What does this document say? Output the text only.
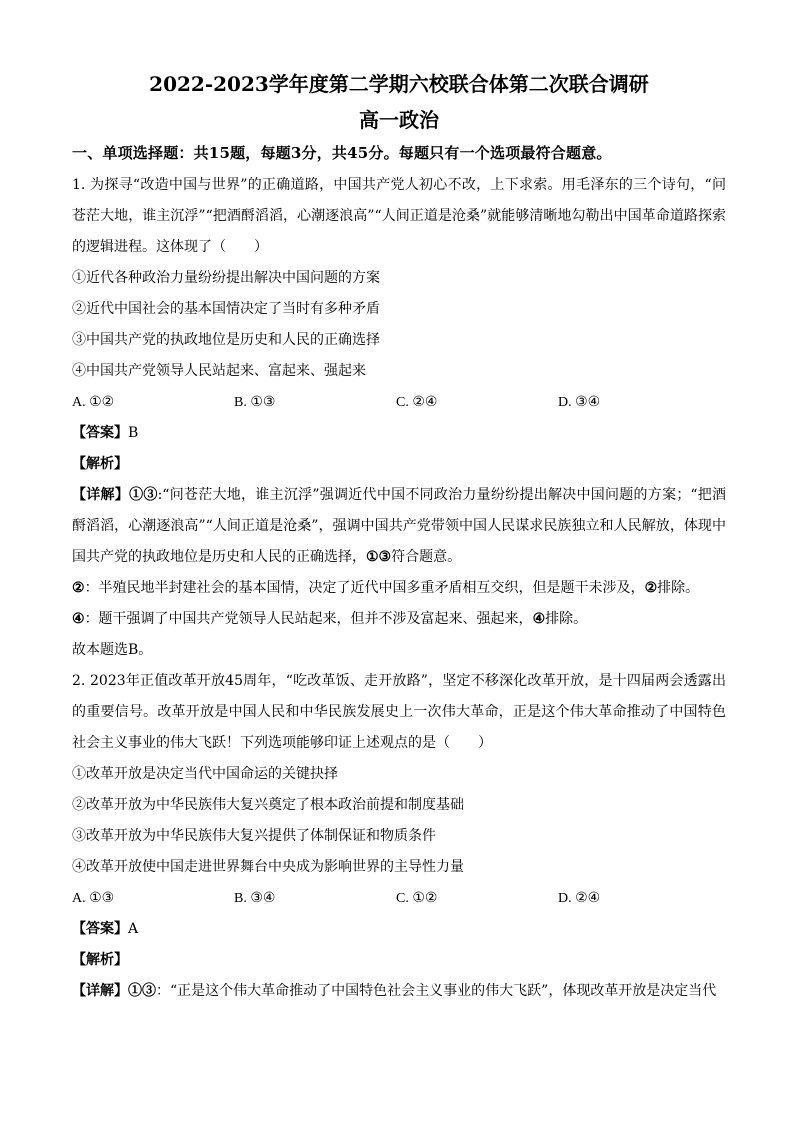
2022-2023学年度第二学期六校联合体第二次联合调研
高一政治

一、单项选择题：共15题，每题3分，共45分。每题只有一个选项最符合题意。

1. 为探寻“改造中国与世界”的正确道路，中国共产党人初心不改，上下求索。用毛泽东的三个诗句，“问苍茫大地，谁主沉浮”“把酒酹滔滔，心潮逐浪高”“人间正道是沧桑”就能够清晰地勾勒出中国革命道路探索的逻辑进程。这体现了（　　）

①近代各种政治力量纷纷提出解决中国问题的方案

②近代中国社会的基本国情决定了当时有多种矛盾

③中国共产党的执政地位是历史和人民的正确选择

④中国共产党领导人民站起来、富起来、强起来

A. ①②	B. ①③	C. ②④	D. ③④

【答案】B

【解析】

【详解】①③:“问苍茫大地，谁主沉浮”强调近代中国不同政治力量纷纷提出解决中国问题的方案；“把酒酹滔滔，心潮逐浪高”“人间正道是沧桑”，强调中国共产党带领中国人民谋求民族独立和人民解放，体现中国共产党的执政地位是历史和人民的正确选择，①③符合题意。

②：半殖民地半封建社会的基本国情，决定了近代中国多重矛盾相互交织，但是题干未涉及，②排除。

④：题干强调了中国共产党领导人民站起来，但并不涉及富起来、强起来，④排除。

故本题选B。

2. 2023年正值改革开放45周年，“吃改革饭、走开放路”，坚定不移深化改革开放，是十四届两会透露出的重要信号。改革开放是中国人民和中华民族发展史上一次伟大革命，正是这个伟大革命推动了中国特色社会主义事业的伟大飞跃！下列选项能够印证上述观点的是（　　）

①改革开放是决定当代中国命运的关键抉择

②改革开放为中华民族伟大复兴奠定了根本政治前提和制度基础

③改革开放为中华民族伟大复兴提供了体制保证和物质条件

④改革开放使中国走进世界舞台中央成为影响世界的主导性力量

A. ①③	B. ③④	C. ①②	D. ②④

【答案】A

【解析】

【详解】①③：“正是这个伟大革命推动了中国特色社会主义事业的伟大飞跃”，体现改革开放是决定当代
